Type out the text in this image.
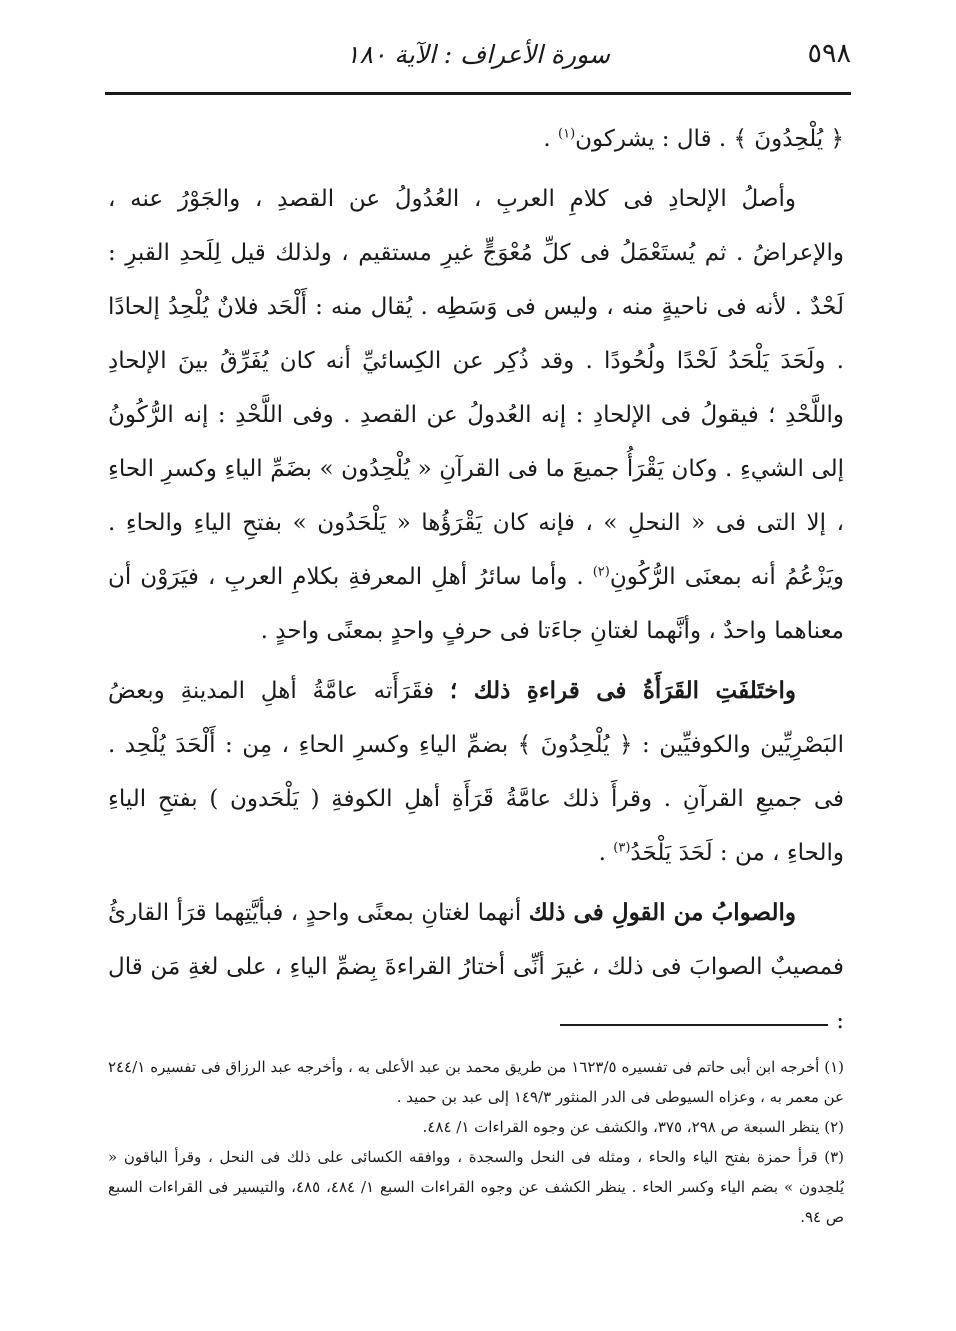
٥٩٨
سورة الأعراف : الآية ١٨٠

﴿ يُلْحِدُونَ ﴾ . قال : يشركون$^{(١)}$ .

وأصلُ الإلحادِ فى كلامِ العربِ ، العُدُولُ عن القصدِ ، والجَوْرُ عنه ، والإعراضُ . ثم يُستَعْمَلُ فى كلِّ مُعْوَجٍّ غيرِ مستقيم ، ولذلك قيل لِلَحدِ القبرِ : لَحْدٌ . لأنه فى ناحيةٍ منه ، وليس فى وَسَطِه . يُقال منه : أَلْحَد فلانٌ يُلْحِدُ إلحادًا . ولَحَدَ يَلْحَدُ لَحْدًا ولُحُودًا . وقد ذُكِر عن الكِسائيِّ أنه كان يُفَرِّقُ بينَ الإلحادِ واللَّحْدِ ؛ فيقولُ فى الإلحادِ : إنه العُدولُ عن القصدِ . وفى اللَّحْدِ : إنه الرُّكُونُ إلى الشيءِ . وكان يَقْرَأُ جميعَ ما فى القرآنِ « يُلْحِدُون » بضَمِّ الياءِ وكسرِ الحاءِ ، إلا التى فى « النحلِ » ، فإنه كان يَقْرَؤُها « يَلْحَدُون » بفتحِ الياءِ والحاءِ . ويَزْعُمُ أنه بمعنَى الرُّكُونِ$^{(٢)}$ . وأما سائرُ أهلِ المعرفةِ بكلامِ العربِ ، فيَرَوْن أن معناهما واحدٌ ، وأنَّهما لغتانِ جاءَتا فى حرفٍ واحدٍ بمعنًى واحدٍ .

واختَلفَتِ القَرَأَةُ فى قراءةِ ذلك ؛ فقَرَأَته عامَّةُ أهلِ المدينةِ وبعضُ البَصْرِيِّين والكوفيِّين : ﴿ يُلْحِدُونَ ﴾ بضمِّ الياءِ وكسرِ الحاءِ ، مِن : أَلْحَدَ يُلْحِد . فى جميعِ القرآنِ . وقرأَ ذلك عامَّةُ قَرَأَةِ أهلِ الكوفةِ ( يَلْحَدون ) بفتحِ الياءِ والحاءِ ، من : لَحَدَ يَلْحَدُ$^{(٣)}$ .

والصوابُ من القولِ فى ذلك أنهما لغتانِ بمعنًى واحدٍ ، فبأيَّتِهما قرَأ القارئُ فمصيبٌ الصوابَ فى ذلك ، غيرَ أنِّى أختارُ القراءةَ بِضمِّ الياءِ ، على لغةِ مَن قال :

(١) أخرجه ابن أبى حاتم فى تفسيره ١٦٢٣/٥ من طريق محمد بن عبد الأعلى به ، وأخرجه عبد الرزاق فى تفسيره ٢٤٤/١ عن معمر به ، وعزاه السيوطى فى الدر المنثور ١٤٩/٣ إلى عبد بن حميد .

(٢) ينظر السبعة ص ٢٩٨، ٣٧٥، والكشف عن وجوه القراءات ١/ ٤٨٤.

(٣) قرأ حمزة بفتح الياء والحاء ، ومثله فى النحل والسجدة ، ووافقه الكسائى على ذلك فى النحل ، وقرأ الباقون « يُلحِدون » بضم الياء وكسر الحاء . ينظر الكشف عن وجوه القراءات السبع ١/ ٤٨٤، ٤٨٥، والتيسير فى القراءات السبع ص ٩٤.
